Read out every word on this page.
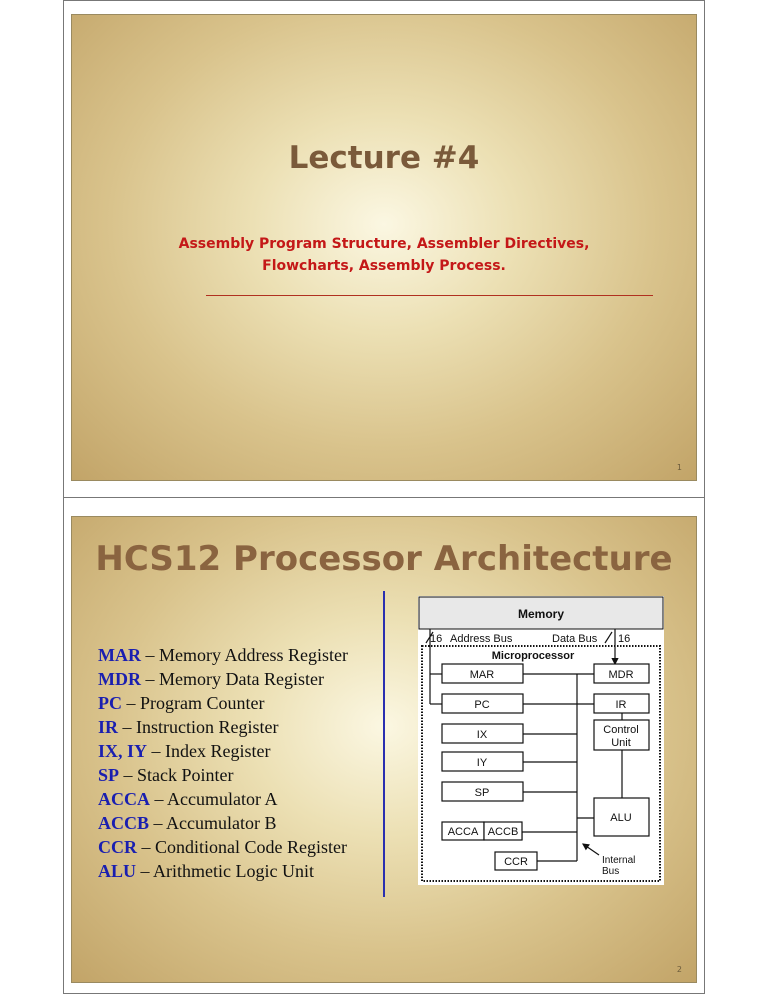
Lecture #4
Assembly Program Structure, Assembler Directives,
Flowcharts, Assembly Process.
1
HCS12 Processor Architecture
MAR – Memory Address Register
MDR – Memory Data Register
PC – Program Counter
IR – Instruction Register
IX, IY – Index Register
SP – Stack Pointer
ACCA – Accumulator A
ACCB – Accumulator B
CCR – Conditional Code Register
ALU – Arithmetic Logic Unit
Memory
16 Address Bus	Data Bus 16
Microprocessor
MAR	MDR
PC	IR
IX	Control
Unit
IY
SP
ALU
ACCA ACCB
CCR	Internal
Bus
2
